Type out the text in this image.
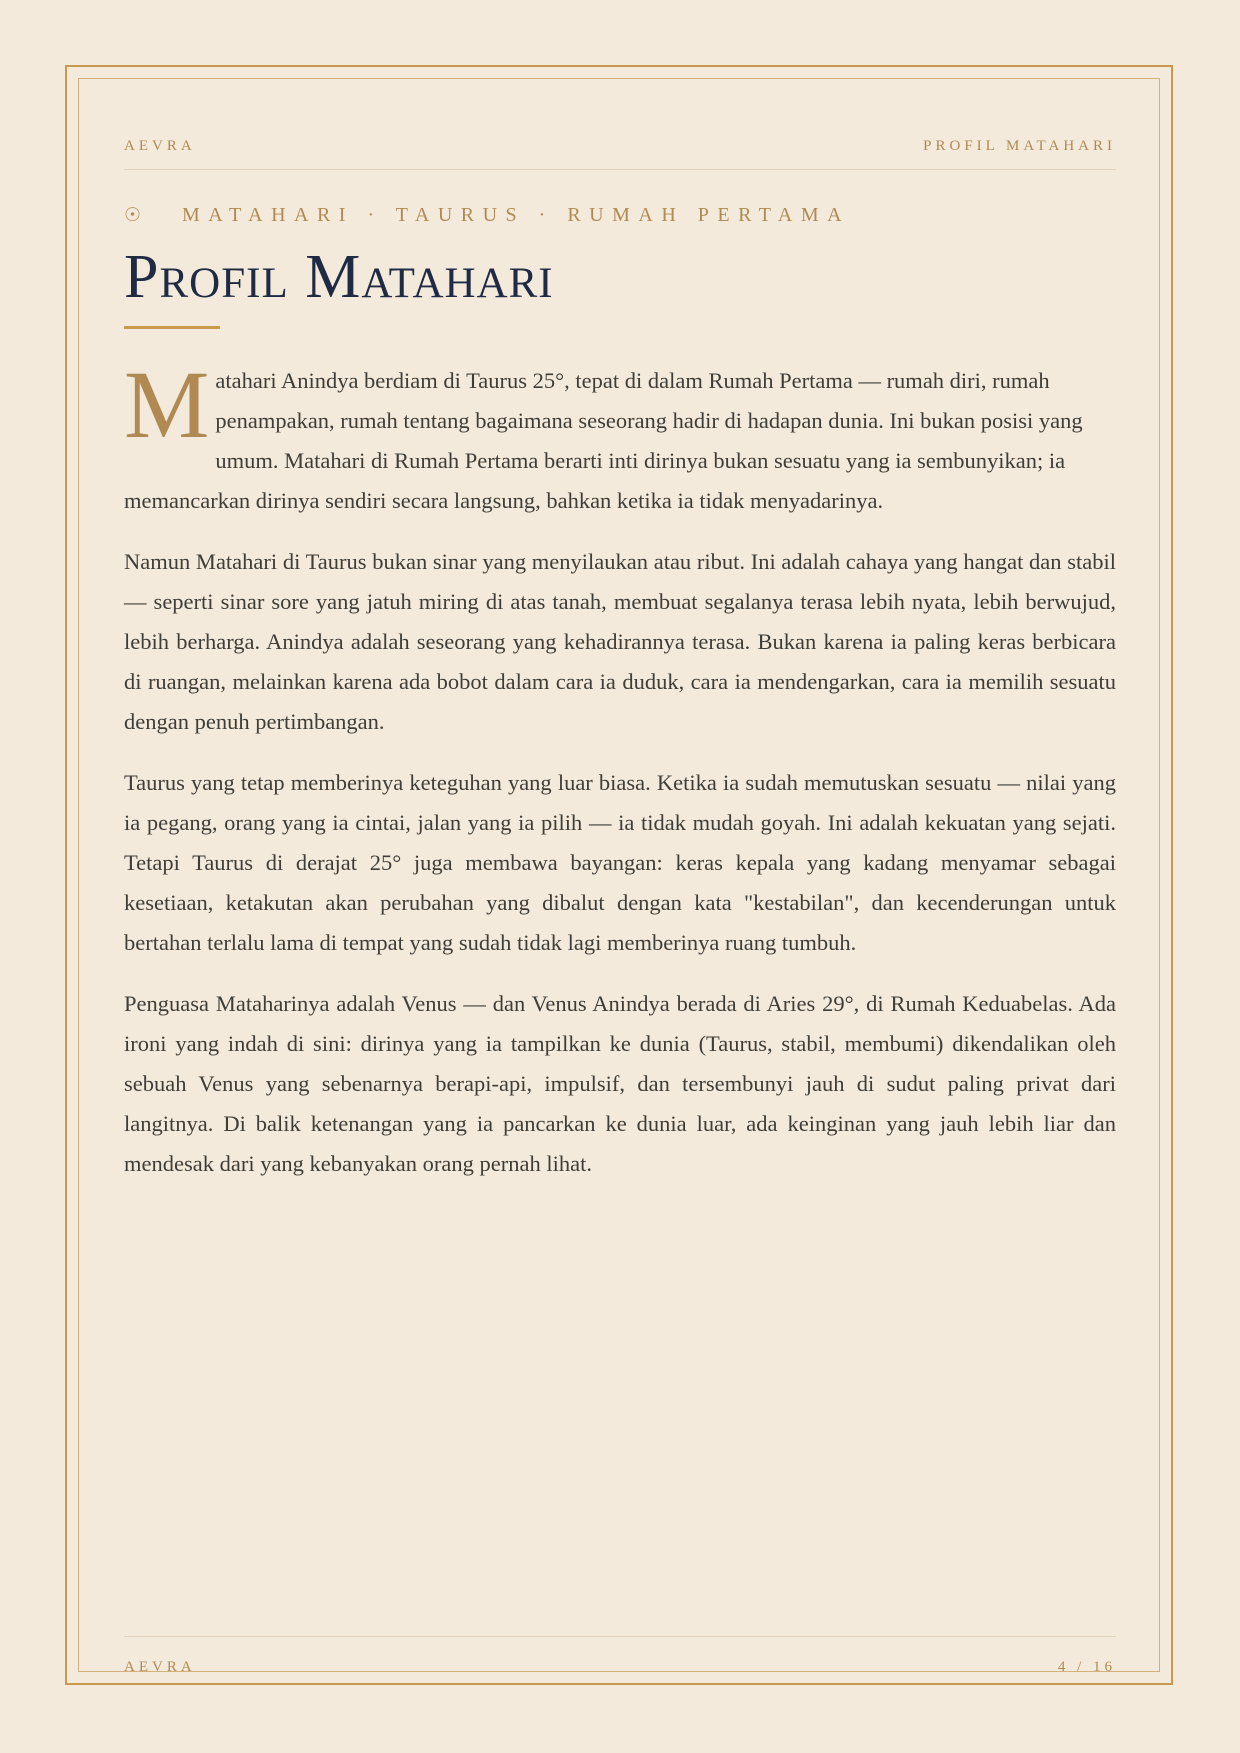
AEVRA	PROFIL MATAHARI
☉ MATAHARI · TAURUS · RUMAH PERTAMA
Profil Matahari

Matahari Anindya berdiam di Taurus 25°, tepat di dalam Rumah Pertama — rumah diri, rumah penampakan, rumah tentang bagaimana seseorang hadir di hadapan dunia. Ini bukan posisi yang umum. Matahari di Rumah Pertama berarti inti dirinya bukan sesuatu yang ia sembunyikan; ia memancarkan dirinya sendiri secara langsung, bahkan ketika ia tidak menyadarinya.

Namun Matahari di Taurus bukan sinar yang menyilaukan atau ribut. Ini adalah cahaya yang hangat dan stabil — seperti sinar sore yang jatuh miring di atas tanah, membuat segalanya terasa lebih nyata, lebih berwujud, lebih berharga. Anindya adalah seseorang yang kehadirannya terasa. Bukan karena ia paling keras berbicara di ruangan, melainkan karena ada bobot dalam cara ia duduk, cara ia mendengarkan, cara ia memilih sesuatu dengan penuh pertimbangan.

Taurus yang tetap memberinya keteguhan yang luar biasa. Ketika ia sudah memutuskan sesuatu — nilai yang ia pegang, orang yang ia cintai, jalan yang ia pilih — ia tidak mudah goyah. Ini adalah kekuatan yang sejati. Tetapi Taurus di derajat 25° juga membawa bayangan: keras kepala yang kadang menyamar sebagai kesetiaan, ketakutan akan perubahan yang dibalut dengan kata "kestabilan", dan kecenderungan untuk bertahan terlalu lama di tempat yang sudah tidak lagi memberinya ruang tumbuh.

Penguasa Mataharinya adalah Venus — dan Venus Anindya berada di Aries 29°, di Rumah Keduabelas. Ada ironi yang indah di sini: dirinya yang ia tampilkan ke dunia (Taurus, stabil, membumi) dikendalikan oleh sebuah Venus yang sebenarnya berapi-api, impulsif, dan tersembunyi jauh di sudut paling privat dari langitnya. Di balik ketenangan yang ia pancarkan ke dunia luar, ada keinginan yang jauh lebih liar dan mendesak dari yang kebanyakan orang pernah lihat.

AEVRA	4 / 16
